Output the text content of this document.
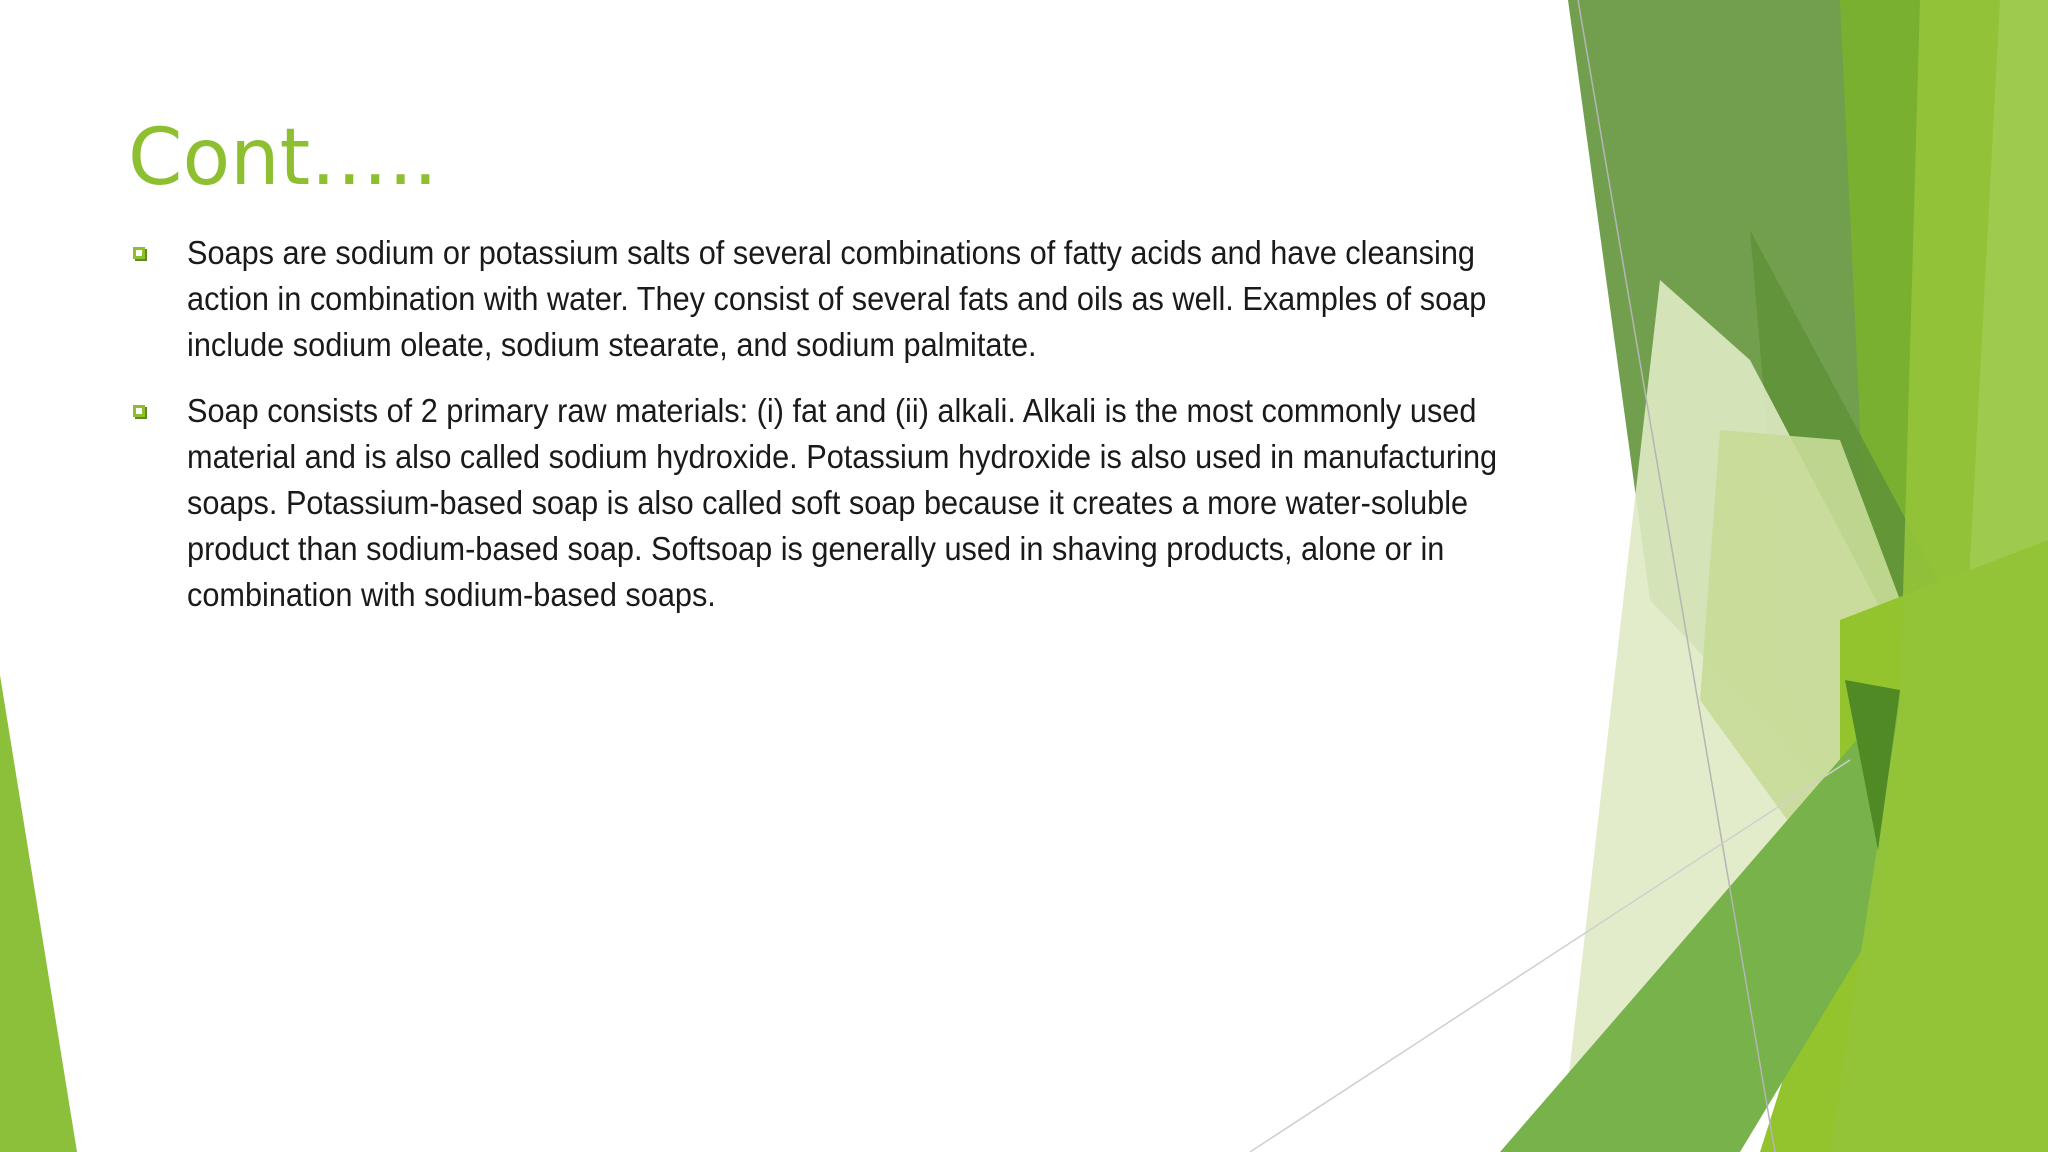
Cont…..
Soaps are sodium or potassium salts of several combinations of fatty acids and have cleansing action in combination with water. They consist of several fats and oils as well. Examples of soap include sodium oleate, sodium stearate, and sodium palmitate.
Soap consists of 2 primary raw materials: (i) fat and (ii) alkali. Alkali is the most commonly used material and is also called sodium hydroxide. Potassium hydroxide is also used in manufacturing soaps. Potassium-based soap is also called soft soap because it creates a more water-soluble product than sodium-based soap. Softsoap is generally used in shaving products, alone or in combination with sodium-based soaps.
